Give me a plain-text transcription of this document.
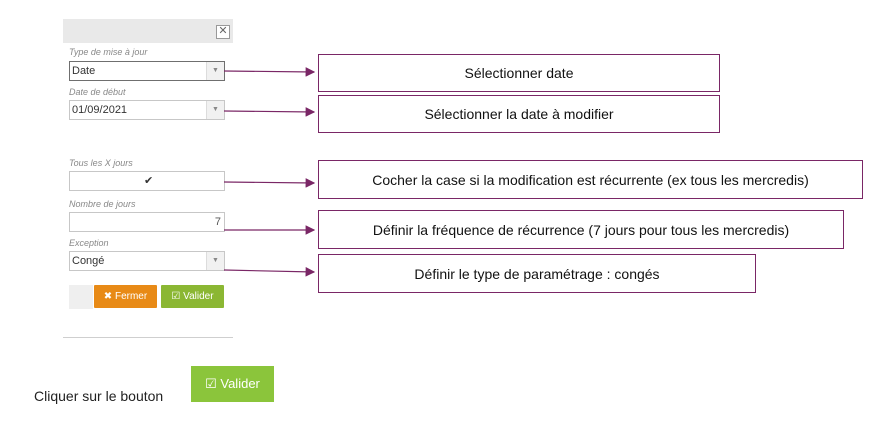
✕
Type de mise à jour
Date	▼
Date de début
01/09/2021	▼
Tous les X jours
✔
Nombre de jours
7
Exception
Congé	▼
✖ Fermer	☑ Valider
Sélectionner date
Sélectionner la date à modifier
Cocher la case si la modification est récurrente (ex tous les mercredis)
Définir la fréquence de récurrence (7 jours pour tous les mercredis)
Définir le type de paramétrage : congés
Cliquer sur le bouton
☑ Valider
